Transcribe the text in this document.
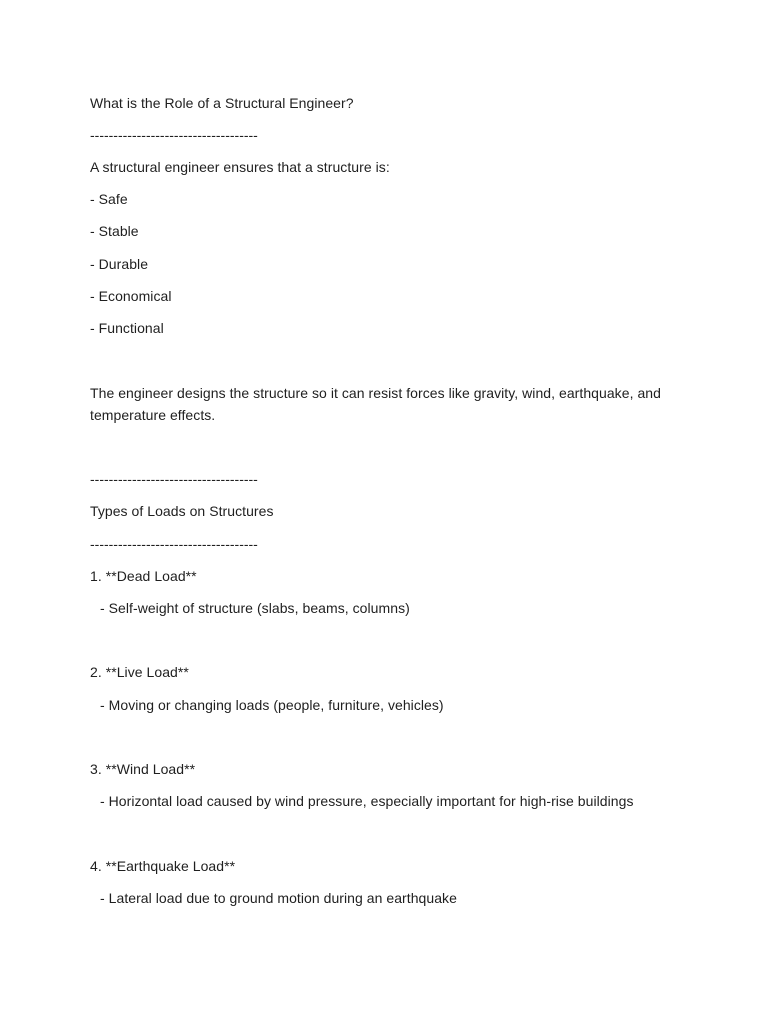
What is the Role of a Structural Engineer?
------------------------------------
A structural engineer ensures that a structure is:
- Safe
- Stable
- Durable
- Economical
- Functional
The engineer designs the structure so it can resist forces like gravity, wind, earthquake, and temperature effects.
------------------------------------
Types of Loads on Structures
------------------------------------
1. **Dead Load**
- Self-weight of structure (slabs, beams, columns)
2. **Live Load**
- Moving or changing loads (people, furniture, vehicles)
3. **Wind Load**
- Horizontal load caused by wind pressure, especially important for high-rise buildings
4. **Earthquake Load**
- Lateral load due to ground motion during an earthquake
